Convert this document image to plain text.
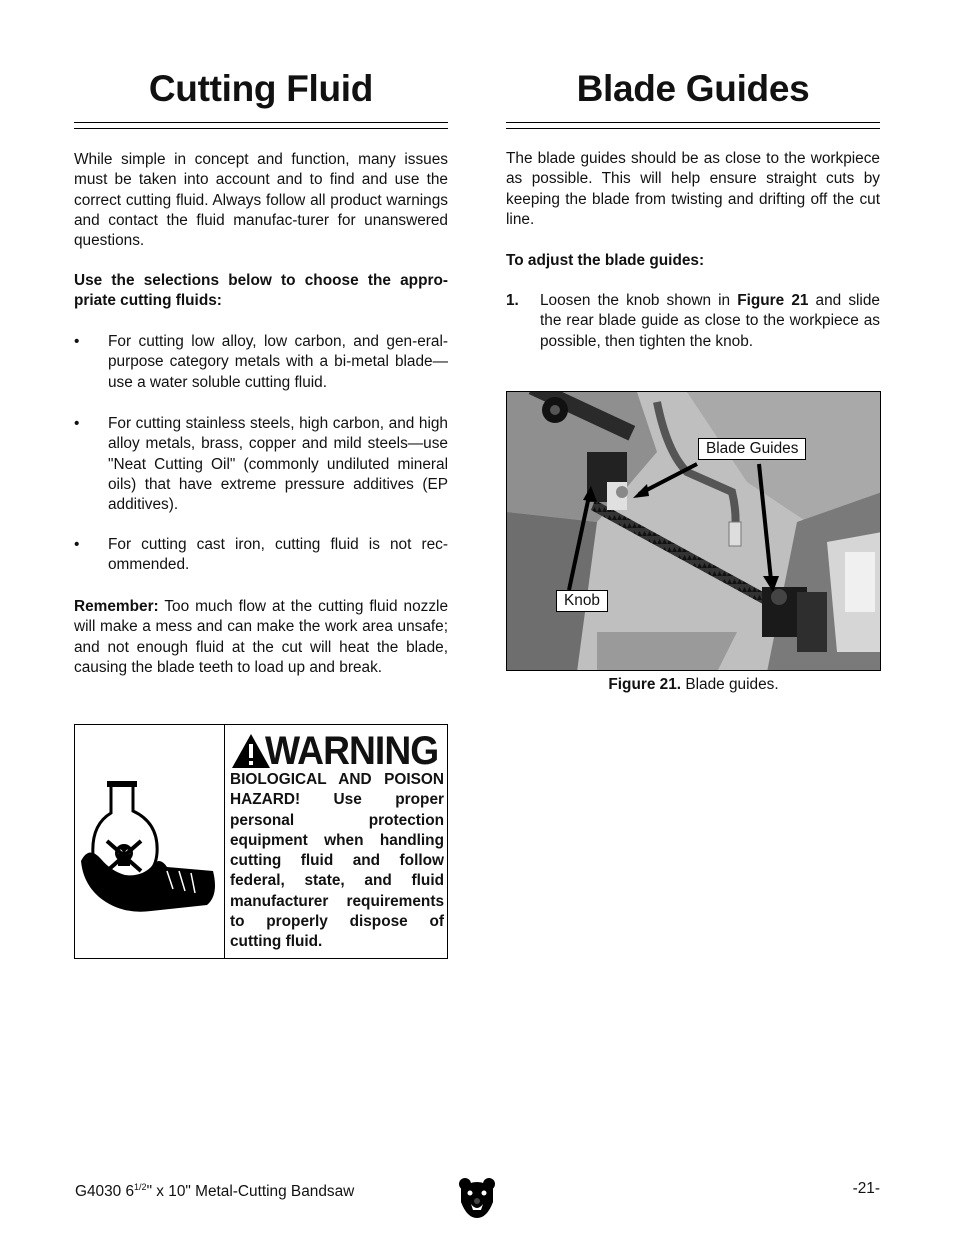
Cutting Fluid

While simple in concept and function, many issues must be taken into account and to find and use the correct cutting fluid. Always follow all product warnings and contact the fluid manufac-turer for unanswered questions.

Use the selections below to choose the appro-priate cutting fluids:

•	For cutting low alloy, low carbon, and gen-eral-purpose category metals with a bi-metal blade—use a water soluble cutting fluid.
•	For cutting stainless steels, high carbon, and high alloy metals, brass, copper and mild steels—use "Neat Cutting Oil" (commonly undiluted mineral oils) that have extreme pressure additives (EP additives).
•	For cutting cast iron, cutting fluid is not rec-ommended.

Remember: Too much flow at the cutting fluid nozzle will make a mess and can make the work area unsafe; and not enough fluid at the cut will heat the blade, causing the blade teeth to load up and break.

WARNING
BIOLOGICAL AND POISON HAZARD! Use proper personal protection equipment when handling cutting fluid and follow federal, state, and fluid manufacturer requirements to properly dispose of cutting fluid.
Blade Guides

The blade guides should be as close to the workpiece as possible. This will help ensure straight cuts by keeping the blade from twisting and drifting off the cut line.

To adjust the blade guides:

1. Loosen the knob shown in Figure 21 and slide the rear blade guide as close to the workpiece as possible, then tighten the knob.
Blade Guides
Knob
Figure 21. Blade guides.
G4030 $6^{1/2}$" x 10" Metal-Cutting Bandsaw	-21-
